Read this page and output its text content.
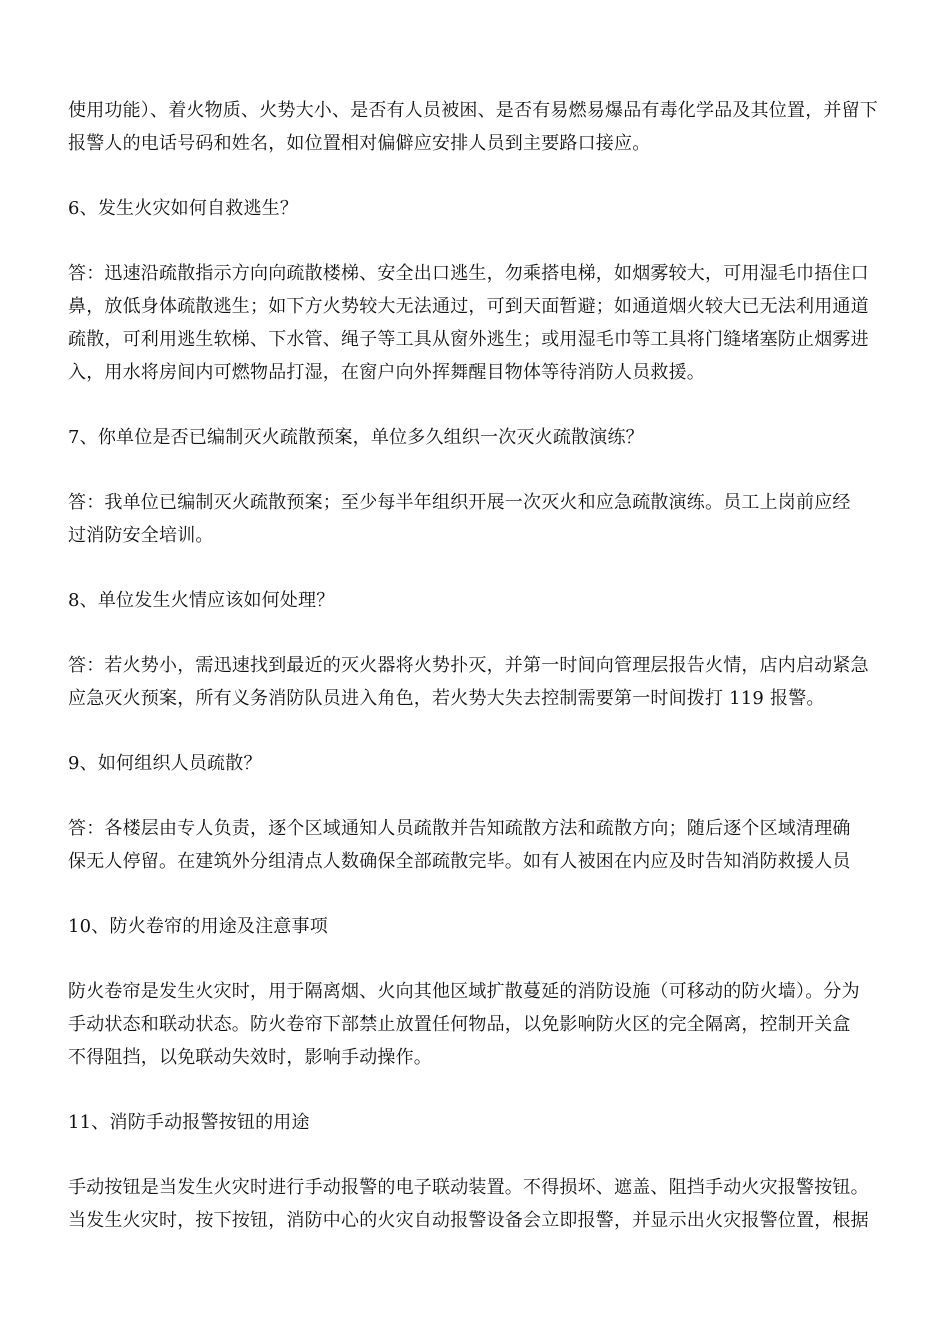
使用功能）、着火物质、火势大小、是否有人员被困、是否有易燃易爆品有毒化学品及其位置，并留下
报警人的电话号码和姓名，如位置相对偏僻应安排人员到主要路口接应。

6、发生火灾如何自救逃生？

答：迅速沿疏散指示方向向疏散楼梯、安全出口逃生，勿乘搭电梯，如烟雾较大，可用湿毛巾捂住口
鼻，放低身体疏散逃生；如下方火势较大无法通过，可到天面暂避；如通道烟火较大已无法利用通道
疏散，可利用逃生软梯、下水管、绳子等工具从窗外逃生；或用湿毛巾等工具将门缝堵塞防止烟雾进
入，用水将房间内可燃物品打湿，在窗户向外挥舞醒目物体等待消防人员救援。

7、你单位是否已编制灭火疏散预案，单位多久组织一次灭火疏散演练？

答：我单位已编制灭火疏散预案；至少每半年组织开展一次灭火和应急疏散演练。员工上岗前应经
过消防安全培训。

8、单位发生火情应该如何处理？

答：若火势小，需迅速找到最近的灭火器将火势扑灭，并第一时间向管理层报告火情，店内启动紧急
应急灭火预案，所有义务消防队员进入角色，若火势大失去控制需要第一时间拨打 119 报警。

9、如何组织人员疏散？

答：各楼层由专人负责，逐个区域通知人员疏散并告知疏散方法和疏散方向；随后逐个区域清理确
保无人停留。在建筑外分组清点人数确保全部疏散完毕。如有人被困在内应及时告知消防救援人员

10、防火卷帘的用途及注意事项

防火卷帘是发生火灾时，用于隔离烟、火向其他区域扩散蔓延的消防设施（可移动的防火墙）。分为
手动状态和联动状态。防火卷帘下部禁止放置任何物品，以免影响防火区的完全隔离，控制开关盒
不得阻挡，以免联动失效时，影响手动操作。

11、消防手动报警按钮的用途

手动按钮是当发生火灾时进行手动报警的电子联动装置。不得损坏、遮盖、阻挡手动火灾报警按钮。
当发生火灾时，按下按钮，消防中心的火灾自动报警设备会立即报警，并显示出火灾报警位置，根据
